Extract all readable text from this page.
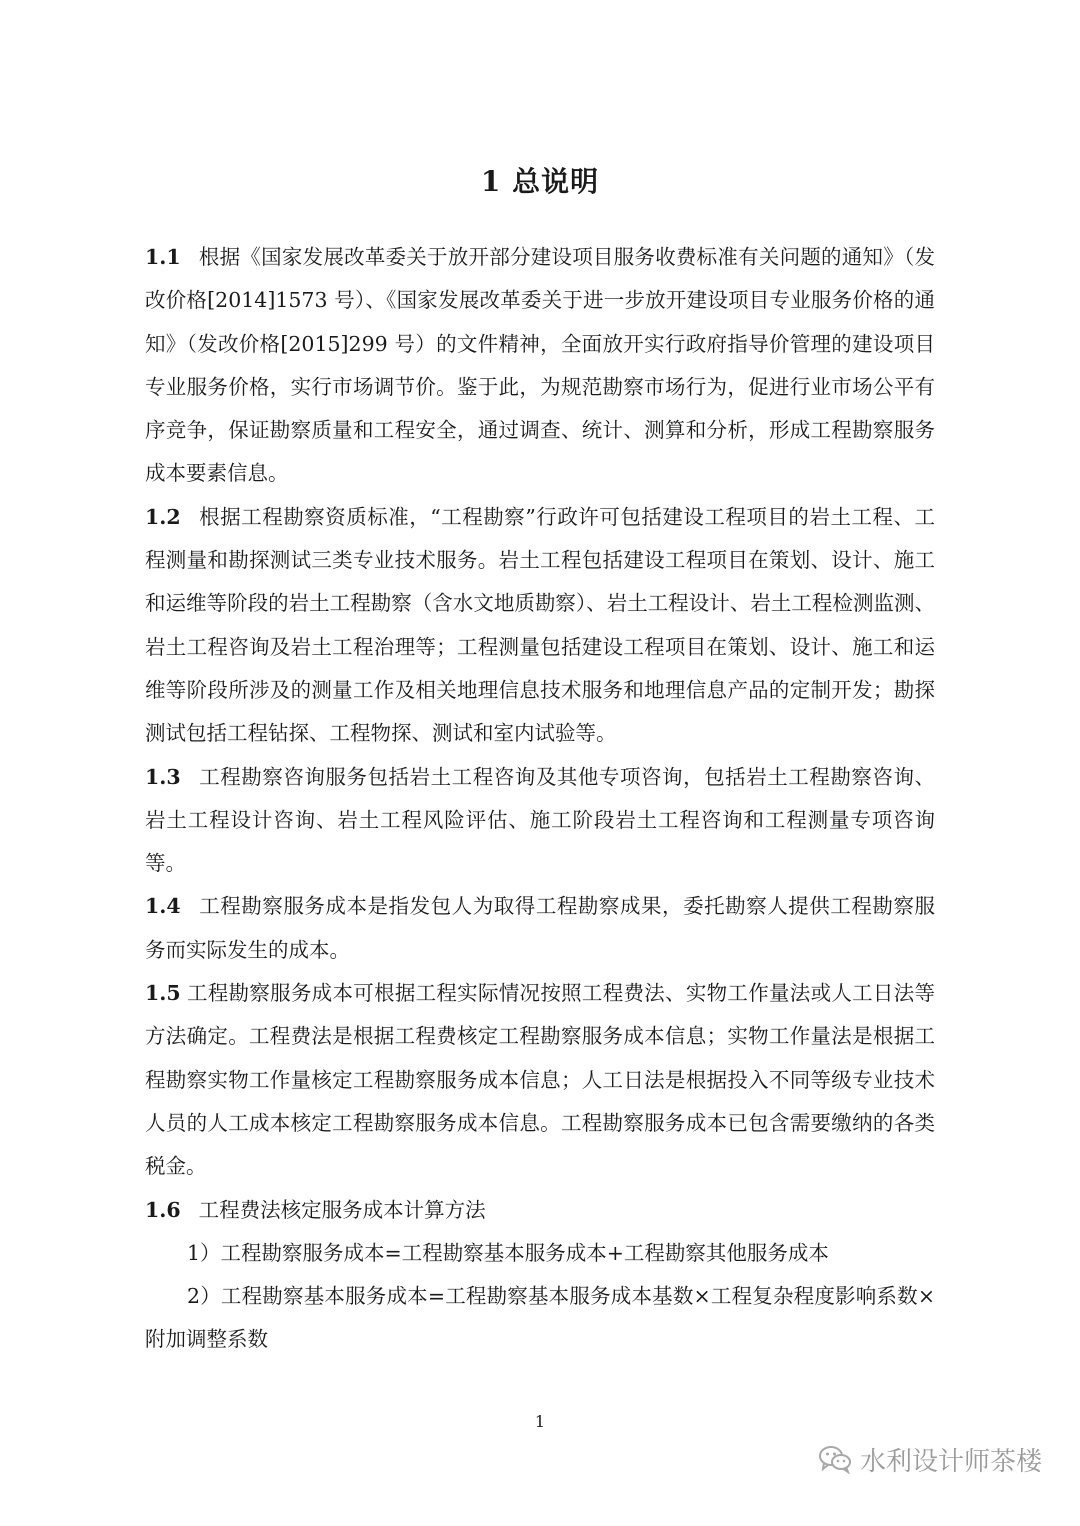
1 总说明

1.1 根据《国家发展改革委关于放开部分建设项目服务收费标准有关问题的通知》（发改价格[2014]1573 号）、《国家发展改革委关于进一步放开建设项目专业服务价格的通知》（发改价格[2015]299 号）的文件精神，全面放开实行政府指导价管理的建设项目专业服务价格，实行市场调节价。鉴于此，为规范勘察市场行为，促进行业市场公平有序竞争，保证勘察质量和工程安全，通过调查、统计、测算和分析，形成工程勘察服务成本要素信息。

1.2 根据工程勘察资质标准，“工程勘察”行政许可包括建设工程项目的岩土工程、工程测量和勘探测试三类专业技术服务。岩土工程包括建设工程项目在策划、设计、施工和运维等阶段的岩土工程勘察（含水文地质勘察）、岩土工程设计、岩土工程检测监测、岩土工程咨询及岩土工程治理等；工程测量包括建设工程项目在策划、设计、施工和运维等阶段所涉及的测量工作及相关地理信息技术服务和地理信息产品的定制开发；勘探测试包括工程钻探、工程物探、测试和室内试验等。

1.3 工程勘察咨询服务包括岩土工程咨询及其他专项咨询，包括岩土工程勘察咨询、岩土工程设计咨询、岩土工程风险评估、施工阶段岩土工程咨询和工程测量专项咨询等。

1.4 工程勘察服务成本是指发包人为取得工程勘察成果，委托勘察人提供工程勘察服务而实际发生的成本。

1.5 工程勘察服务成本可根据工程实际情况按照工程费法、实物工作量法或人工日法等方法确定。工程费法是根据工程费核定工程勘察服务成本信息；实物工作量法是根据工程勘察实物工作量核定工程勘察服务成本信息；人工日法是根据投入不同等级专业技术人员的人工成本核定工程勘察服务成本信息。工程勘察服务成本已包含需要缴纳的各类税金。

1.6 工程费法核定服务成本计算方法

1）工程勘察服务成本=工程勘察基本服务成本+工程勘察其他服务成本

2）工程勘察基本服务成本=工程勘察基本服务成本基数×工程复杂程度影响系数×附加调整系数

1
水利设计师茶楼
